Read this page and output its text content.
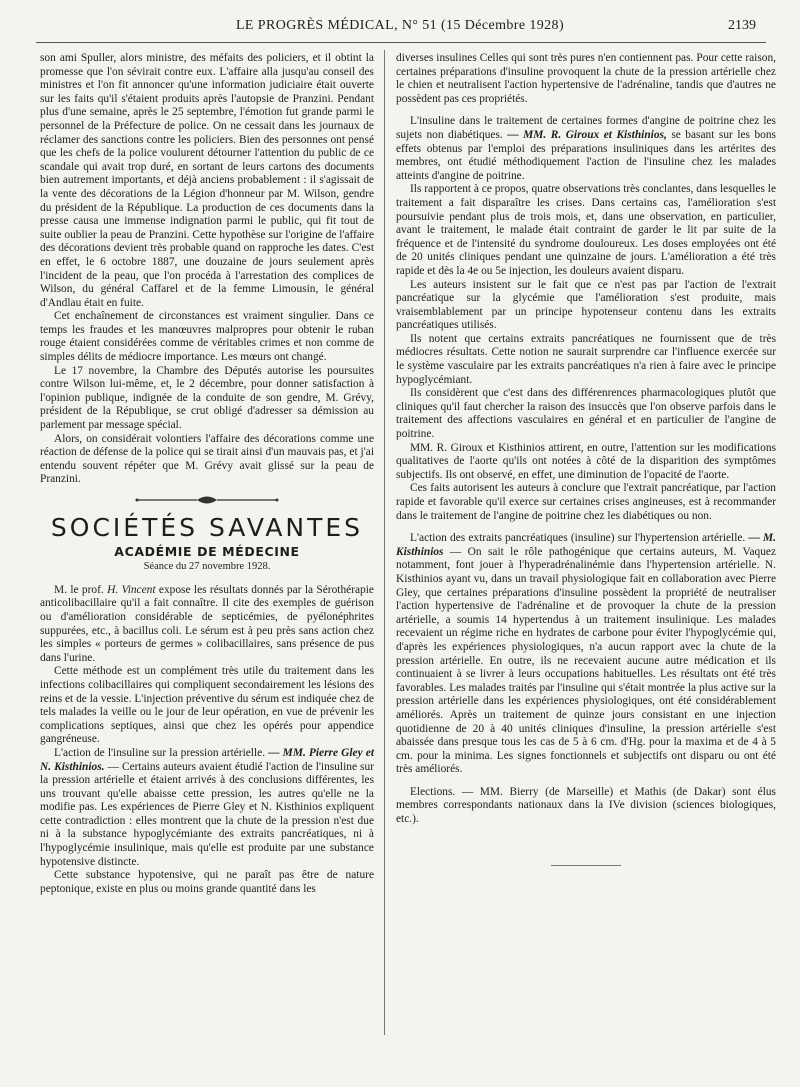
LE PROGRÈS MÉDICAL, N° 51 (15 Décembre 1928)	2139

son ami Spuller, alors ministre, des méfaits des policiers, et il obtint la promesse que l'on sévirait contre eux. L'affaire alla jusqu'au conseil des ministres et l'on fit annoncer qu'une information judiciaire était ouverte sur les faits qu'il s'étaient produits après l'autopsie de Pranzini. Pendant plus d'une semaine, après le 25 septembre, l'émotion fut grande parmi le personnel de la Préfecture de police. On ne cessait dans les journaux de réclamer des sanctions contre les policiers. Bien des personnes ont pensé que les chefs de la police voulurent détourner l'attention du public de ce scandale qui avait trop duré, en sortant de leurs cartons des documents bien autrement importants, et déjà anciens probablement : il s'agissait de la vente des décorations de la Légion d'honneur par M. Wilson, gendre du président de la République. La production de ces documents dans la presse causa une immense indignation parmi le public, qui fit tout de suite oublier la peau de Pranzini. Cette hypothèse sur l'origine de l'affaire des décorations devient très probable quand on rapproche les dates. C'est en effet, le 6 octobre 1887, une douzaine de jours seulement après l'incident de la peau, que l'on procéda à l'arrestation des complices de Wilson, du général Caffarel et de la femme Limousin, le général d'Andlau était en fuite.

Cet enchaînement de circonstances est vraiment singulier. Dans ce temps les fraudes et les manœuvres malpropres pour obtenir le ruban rouge étaient considérées comme de véritables crimes et non comme de simples délits de médiocre importance. Les mœurs ont changé.

Le 17 novembre, la Chambre des Députés autorise les poursuites contre Wilson lui-même, et, le 2 décembre, pour donner satisfaction à l'opinion publique, indignée de la conduite de son gendre, M. Grévy, président de la République, se crut obligé d'adresser sa démission au parlement par message spécial.

Alors, on considérait volontiers l'affaire des décorations comme une réaction de défense de la police qui se tirait ainsi d'un mauvais pas, et j'ai entendu souvent répéter que M. Grévy avait glissé sur la peau de Pranzini.

SOCIÉTÉS SAVANTES
ACADÉMIE DE MÉDECINE
Séance du 27 novembre 1928.

M. le prof. H. Vincent expose les résultats donnés par la Sérothérapie anticolibacillaire qu'il a fait connaître. Il cite des exemples de guérison ou d'amélioration considérable de septicémies, de pyélonéphrites suppurées, etc., à bacillus coli. Le sérum est à peu près sans action chez les simples « porteurs de germes » colibacillaires, sans présence de pus dans l'urine.

Cette méthode est un complément très utile du traitement dans les infections colibacillaires qui compliquent secondairement les lésions des reins et de la vessie. L'injection préventive du sérum est indiquée chez de tels malades la veille ou le jour de leur opération, en vue de prévenir les complications septiques, ainsi que chez les opérés pour appendice gangréneuse.

L'action de l'insuline sur la pression artérielle. — MM. Pierre Gley et N. Kisthinios. — Certains auteurs avaient étudié l'action de l'insuline sur la pression artérielle et étaient arrivés à des conclusions différentes, les uns trouvant qu'elle abaisse cette pression, les autres qu'elle ne la modifie pas. Les expériences de Pierre Gley et N. Kisthinios expliquent cette contradiction : elles montrent que la chute de la pression n'est due ni à la substance hypoglycémiante des extraits pancréatiques, ni à l'hypoglycémie insulinique, mais qu'elle est produite par une substance hypotensive distincte.

Cette substance hypotensive, qui ne paraît pas être de nature peptonique, existe en plus ou moins grande quantité dans les

diverses insulines Celles qui sont très pures n'en contiennent pas. Pour cette raison, certaines préparations d'insuline provoquent la chute de la pression artérielle chez le chien et neutralisent l'action hypertensive de l'adrénaline, tandis que d'autres ne possèdent pas ces propriétés.

L'insuline dans le traitement de certaines formes d'angine de poitrine chez les sujets non diabétiques. — MM. R. Giroux et Kisthinios, se basant sur les bons effets obtenus par l'emploi des préparations insuliniques dans les artérites des membres, ont étudié méthodiquement l'action de l'insuline chez les malades atteints d'angine de poitrine.

Ils rapportent à ce propos, quatre observations très conclantes, dans lesquelles le traitement a fait disparaître les crises. Dans certains cas, l'amélioration s'est poursuivie pendant plus de trois mois, et, dans une observation, en particulier, avant le traitement, le malade était contraint de garder le lit par suite de la fréquence et de l'intensité du syndrome douloureux. Les doses employées ont été de 20 unités cliniques pendant une quinzaine de jours. L'amélioration a été très rapide et dès la 4e ou 5e injection, les douleurs avaient disparu.

Les auteurs insistent sur le fait que ce n'est pas par l'action de l'extrait pancréatique sur la glycémie que l'amélioration s'est produite, mais vraisemblablement par un principe hypotenseur contenu dans les extraits pancréatiques utilisés.

Ils notent que certains extraits pancréatiques ne fournissent que de très médiocres résultats. Cette notion ne saurait surprendre car l'influence exercée sur le système vasculaire par les extraits pancréatiques n'a rien à faire avec le principe hypoglycémiant.

Ils considèrent que c'est dans des différenrences pharmacologiques plutôt que cliniques qu'il faut chercher la raison des insuccès que l'on observe parfois dans le traitement des affections vasculaires en général et en particulier de l'angine de poitrine.

MM. R. Giroux et Kisthinios attirent, en outre, l'attention sur les modifications qualitatives de l'aorte qu'ils ont notées à côté de la disparition des symptômes subjectifs. Ils ont observé, en effet, une diminution de l'opacité de l'aorte.

Ces faits autorisent les auteurs à conclure que l'extrait pancréatique, par l'action rapide et favorable qu'il exerce sur certaines crises angineuses, est à recommander dans le traitement de l'angine de poitrine chez les diabétiques ou non.

L'action des extraits pancréatiques (insuline) sur l'hypertension artérielle. — M. Kisthinios — On sait le rôle pathogénique que certains auteurs, M. Vaquez notamment, font jouer à l'hyperadrénalinémie dans l'hypertension artérielle. N. Kisthinios ayant vu, dans un travail physiologique fait en collaboration avec Pierre Gley, que certaines préparations d'insuline possèdent la propriété de neutraliser l'action hypertensive de l'adrénaline et de provoquer la chute de la pression artérielle, a soumis 14 hypertendus à un traitement insulinique. Les malades recevaient un régime riche en hydrates de carbone pour éviter l'hypoglycémie qui, d'après les expériences physiologiques, n'a aucun rapport avec la chute de la pression artérielle. En outre, ils ne recevaient aucune autre médication et ils continuaient à se livrer à leurs occupations habituelles. Les résultats ont été très favorables. Les malades traités par l'insuline qui s'était montrée la plus active sur la pression artérielle dans les expériences physiologiques, ont été considérablement améliorés. Après un traitement de quinze jours consistant en une injection quotidienne de 20 à 40 unités cliniques d'insuline, la pression artérielle s'est abaissée dans presque tous les cas de 5 à 6 cm. d'Hg. pour la maxima et de 4 à 5 cm. pour la minima. Les signes fonctionnels et subjectifs ont disparu ou ont été très améliorés.

Elections. — MM. Bierry (de Marseille) et Mathis (de Dakar) sont élus membres correspondants nationaux dans la IVe division (sciences biologiques, etc.).
